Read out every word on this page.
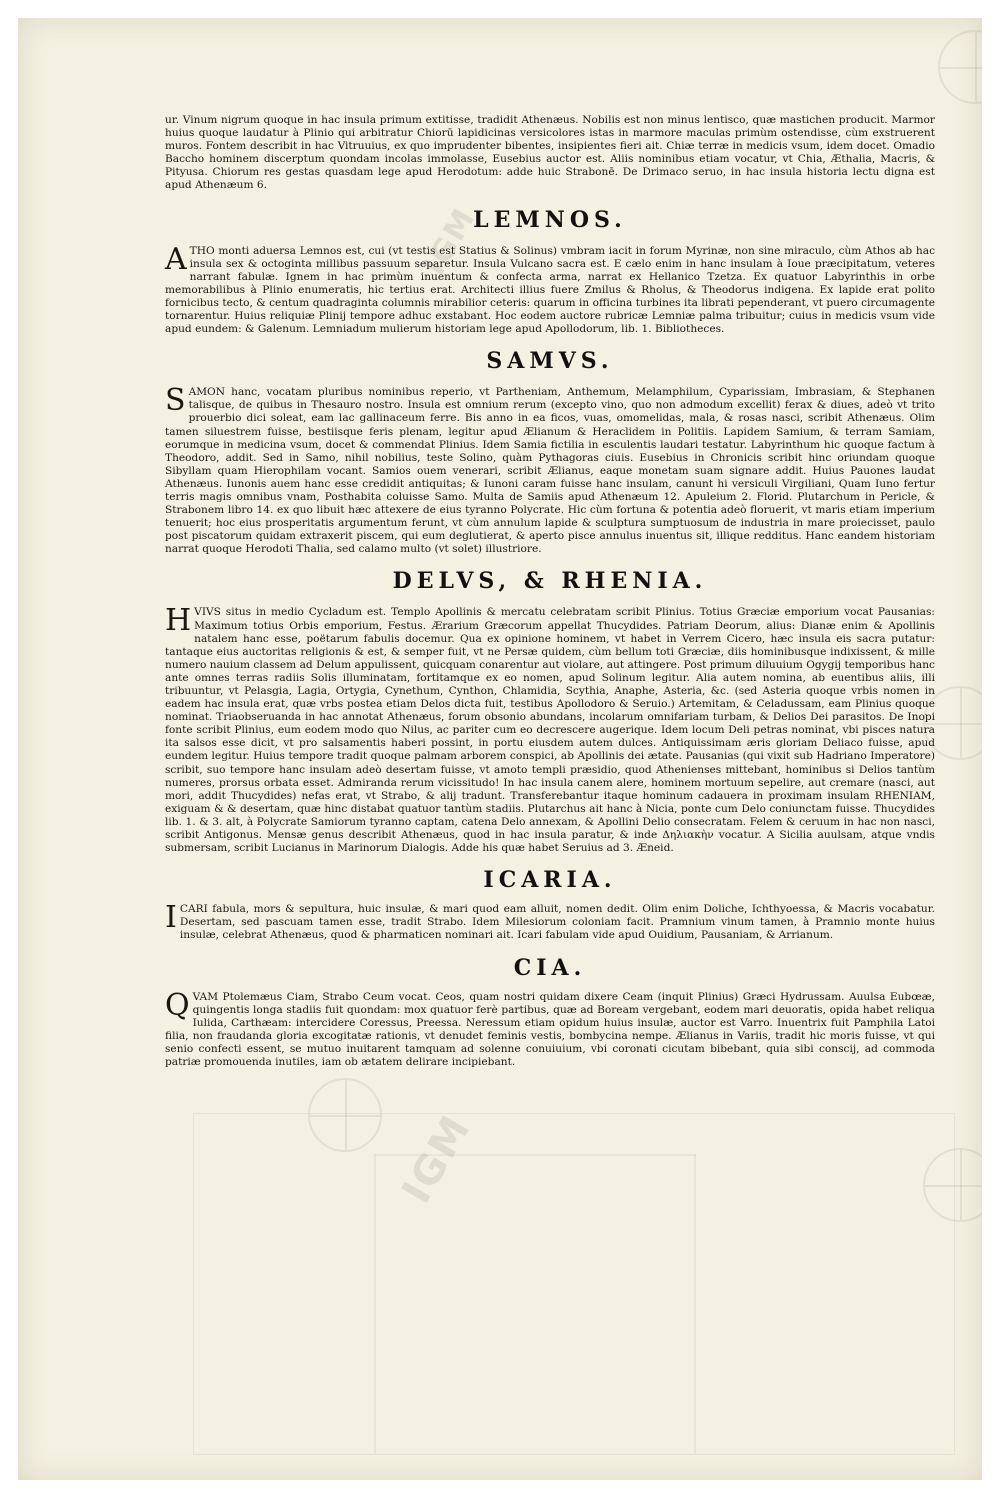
IGM
IGM

ur. Vinum nigrum quoque in hac insula primum extitisse, tradidit Athenæus. Nobilis est non minus lentisco, quæ mastichen producit. Marmor huius quoque laudatur à Plinio qui arbitratur Chiorū lapidicinas versicolores istas in marmore maculas primùm ostendisse, cùm exstruerent muros. Fontem describit in hac Vitruuius, ex quo imprudenter bibentes, insipientes fieri ait. Chiæ terræ in medicis vsum, idem docet. Omadio Baccho hominem discerptum quondam incolas immolasse, Eusebius auctor est. Aliis nominibus etiam vocatur, vt Chia, Æthalia, Macris, & Pityusa. Chiorum res gestas quasdam lege apud Herodotum: adde huic Strabonē. De Drimaco seruo, in hac insula historia lectu digna est apud Athenæum 6.

LEMNOS.

ATHO monti aduersa Lemnos est, cui (vt testis est Statius & Solinus) vmbram iacit in forum Myrinæ, non sine miraculo, cùm Athos ab hac insula sex & octoginta millibus passuum separetur. Insula Vulcano sacra est. E cælo enim in hanc insulam à Ioue præcipitatum, veteres narrant fabulæ. Ignem in hac primùm inuentum & confecta arma, narrat ex Hellanico Tzetza. Ex quatuor Labyrinthis in orbe memorabilibus à Plinio enumeratis, hic tertius erat. Architecti illius fuere Zmilus & Rholus, & Theodorus indigena. Ex lapide erat polito fornicibus tecto, & centum quadraginta columnis mirabilior ceteris: quarum in officina turbines ita librati pependerant, vt puero circumagente tornarentur. Huius reliquiæ Plinij tempore adhuc exstabant. Hoc eodem auctore rubricæ Lemniæ palma tribuitur; cuius in medicis vsum vide apud eundem: & Galenum. Lemniadum mulierum historiam lege apud Apollodorum, lib. 1. Bibliotheces.

SAMVS.

SAMON hanc, vocatam pluribus nominibus reperio, vt Partheniam, Anthemum, Melamphilum, Cyparissiam, Imbrasiam, & Stephanen talisque, de quibus in Thesauro nostro. Insula est omnium rerum (excepto vino, quo non admodum excellit) ferax & diues, adeò vt trito prouerbio dici soleat, eam lac gallinaceum ferre. Bis anno in ea ficos, vuas, omomelidas, mala, & rosas nasci, scribit Athenæus. Olim tamen siluestrem fuisse, bestiisque feris plenam, legitur apud Ælianum & Heraclidem in Politiis. Lapidem Samium, & terram Samiam, eorumque in medicina vsum, docet & commendat Plinius. Idem Samia fictilia in esculentis laudari testatur. Labyrinthum hic quoque factum à Theodoro, addit. Sed in Samo, nihil nobilius, teste Solino, quàm Pythagoras ciuis. Eusebius in Chronicis scribit hinc oriundam quoque Sibyllam quam Hierophilam vocant. Samios ouem venerari, scribit Ælianus, eaque monetam suam signare addit. Huius Pauones laudat Athenæus. Iunonis auem hanc esse credidit antiquitas; & Iunoni caram fuisse hanc insulam, canunt hi versiculi Virgiliani, Quam Iuno fertur terris magis omnibus vnam, Posthabita coluisse Samo. Multa de Samiis apud Athenæum 12. Apuleium 2. Florid. Plutarchum in Pericle, & Strabonem libro 14. ex quo libuit hæc attexere de eius tyranno Polycrate. Hic cùm fortuna & potentia adeò floruerit, vt maris etiam imperium tenuerit; hoc eius prosperitatis argumentum ferunt, vt cùm annulum lapide & sculptura sumptuosum de industria in mare proiecisset, paulo post piscatorum quidam extraxerit piscem, qui eum deglutierat, & aperto pisce annulus inuentus sit, illique redditus. Hanc eandem historiam narrat quoque Herodoti Thalia, sed calamo multo (vt solet) illustriore.

DELVS, & RHENIA.

HVIVS situs in medio Cycladum est. Templo Apollinis & mercatu celebratam scribit Plinius. Totius Græciæ emporium vocat Pausanias: Maximum totius Orbis emporium, Festus. Ærarium Græcorum appellat Thucydides. Patriam Deorum, alius: Dianæ enim & Apollinis natalem hanc esse, poëtarum fabulis docemur. Qua ex opinione hominem, vt habet in Verrem Cicero, hæc insula eis sacra putatur: tantaque eius auctoritas religionis & est, & semper fuit, vt ne Persæ quidem, cùm bellum toti Græciæ, diis hominibusque indixissent, & mille numero nauium classem ad Delum appulissent, quicquam conarentur aut violare, aut attingere. Post primum diluuium Ogygij temporibus hanc ante omnes terras radiis Solis illuminatam, fortitamque ex eo nomen, apud Solinum legitur. Alia autem nomina, ab euentibus aliis, illi tribuuntur, vt Pelasgia, Lagia, Ortygia, Cynethum, Cynthon, Chlamidia, Scythia, Anaphe, Asteria, &c. (sed Asteria quoque vrbis nomen in eadem hac insula erat, quæ vrbs postea etiam Delos dicta fuit, testibus Apollodoro & Seruio.) Artemitam, & Celadussam, eam Plinius quoque nominat. Triaobseruanda in hac annotat Athenæus, forum obsonio abundans, incolarum omnifariam turbam, & Delios Dei parasitos. De Inopi fonte scribit Plinius, eum eodem modo quo Nilus, ac pariter cum eo decrescere augerique. Idem locum Deli petras nominat, vbi pisces natura ita salsos esse dicit, vt pro salsamentis haberi possint, in portu eiusdem autem dulces. Antiquissimam æris gloriam Deliaco fuisse, apud eundem legitur. Huius tempore tradit quoque palmam arborem conspici, ab Apollinis dei ætate. Pausanias (qui vixit sub Hadriano Imperatore) scribit, suo tempore hanc insulam adeò desertam fuisse, vt amoto templi præsidio, quod Athenienses mittebant, hominibus si Delios tantùm numeres, prorsus orbata esset. Admiranda rerum vicissitudo! In hac insula canem alere, hominem mortuum sepelire, aut cremare (nasci, aut mori, addit Thucydides) nefas erat, vt Strabo, & alij tradunt. Transferebantur itaque hominum cadauera in proximam insulam RHENIAM, exiguam & & desertam, quæ hinc distabat quatuor tantùm stadiis. Plutarchus ait hanc à Nicia, ponte cum Delo coniunctam fuisse. Thucydides lib. 1. & 3. alt, à Polycrate Samiorum tyranno captam, catena Delo annexam, & Apollini Delio consecratam. Felem & ceruum in hac non nasci, scribit Antigonus. Mensæ genus describit Athenæus, quod in hac insula paratur, & inde Δηλιακὴν vocatur. A Sicilia auulsam, atque vndis submersam, scribit Lucianus in Marinorum Dialogis. Adde his quæ habet Seruius ad 3. Æneid.

ICARIA.

ICARI fabula, mors & sepultura, huic insulæ, & mari quod eam alluit, nomen dedit. Olim enim Doliche, Ichthyoessa, & Macris vocabatur. Desertam, sed pascuam tamen esse, tradit Strabo. Idem Milesiorum coloniam facit. Pramnium vinum tamen, à Pramnio monte huius insulæ, celebrat Athenæus, quod & pharmaticen nominari ait. Icari fabulam vide apud Ouidium, Pausaniam, & Arrianum.

CIA.

QVAM Ptolemæus Ciam, Strabo Ceum vocat. Ceos, quam nostri quidam dixere Ceam (inquit Plinius) Græci Hydrussam. Auulsa Eubœæ, quingentis longa stadiis fuit quondam: mox quatuor ferè partibus, quæ ad Boream vergebant, eodem mari deuoratis, opida habet reliqua Iulida, Carthæam: intercidere Coressus, Preessa. Neressum etiam opidum huius insulæ, auctor est Varro. Inuentrix fuit Pamphila Latoi filia, non fraudanda gloria excogitatæ rationis, vt denudet feminis vestis, bombycina nempe. Ælianus in Variis, tradit hic moris fuisse, vt qui senio confecti essent, se mutuo inuitarent tamquam ad solenne conuiuium, vbi coronati cicutam bibebant, quia sibi conscij, ad commoda patriæ promouenda inutiles, iam ob ætatem delirare incipiebant.
